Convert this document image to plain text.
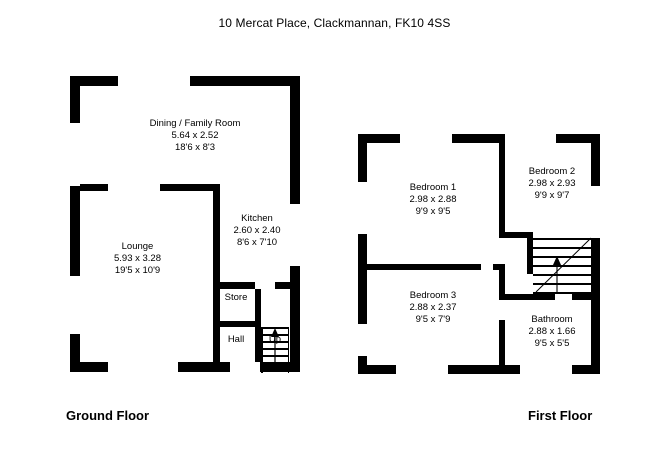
10 Mercat Place, Clackmannan, FK10 4SS
Dining / Family Room
5.64 x 2.52
18'6 x 8'3
Lounge
5.93 x 3.28
19'5 x 10'9
Kitchen
2.60 x 2.40
8'6 x 7'10
Store
Hall	Up
Bedroom 1
2.98 x 2.88
9'9 x 9'5
Bedroom 2
2.98 x 2.93
9'9 x 9'7
Bedroom 3
2.88 x 2.37
9'5 x 7'9	Bathroom
2.88 x 1.66
9'5 x 5'5
Ground Floor	First Floor
